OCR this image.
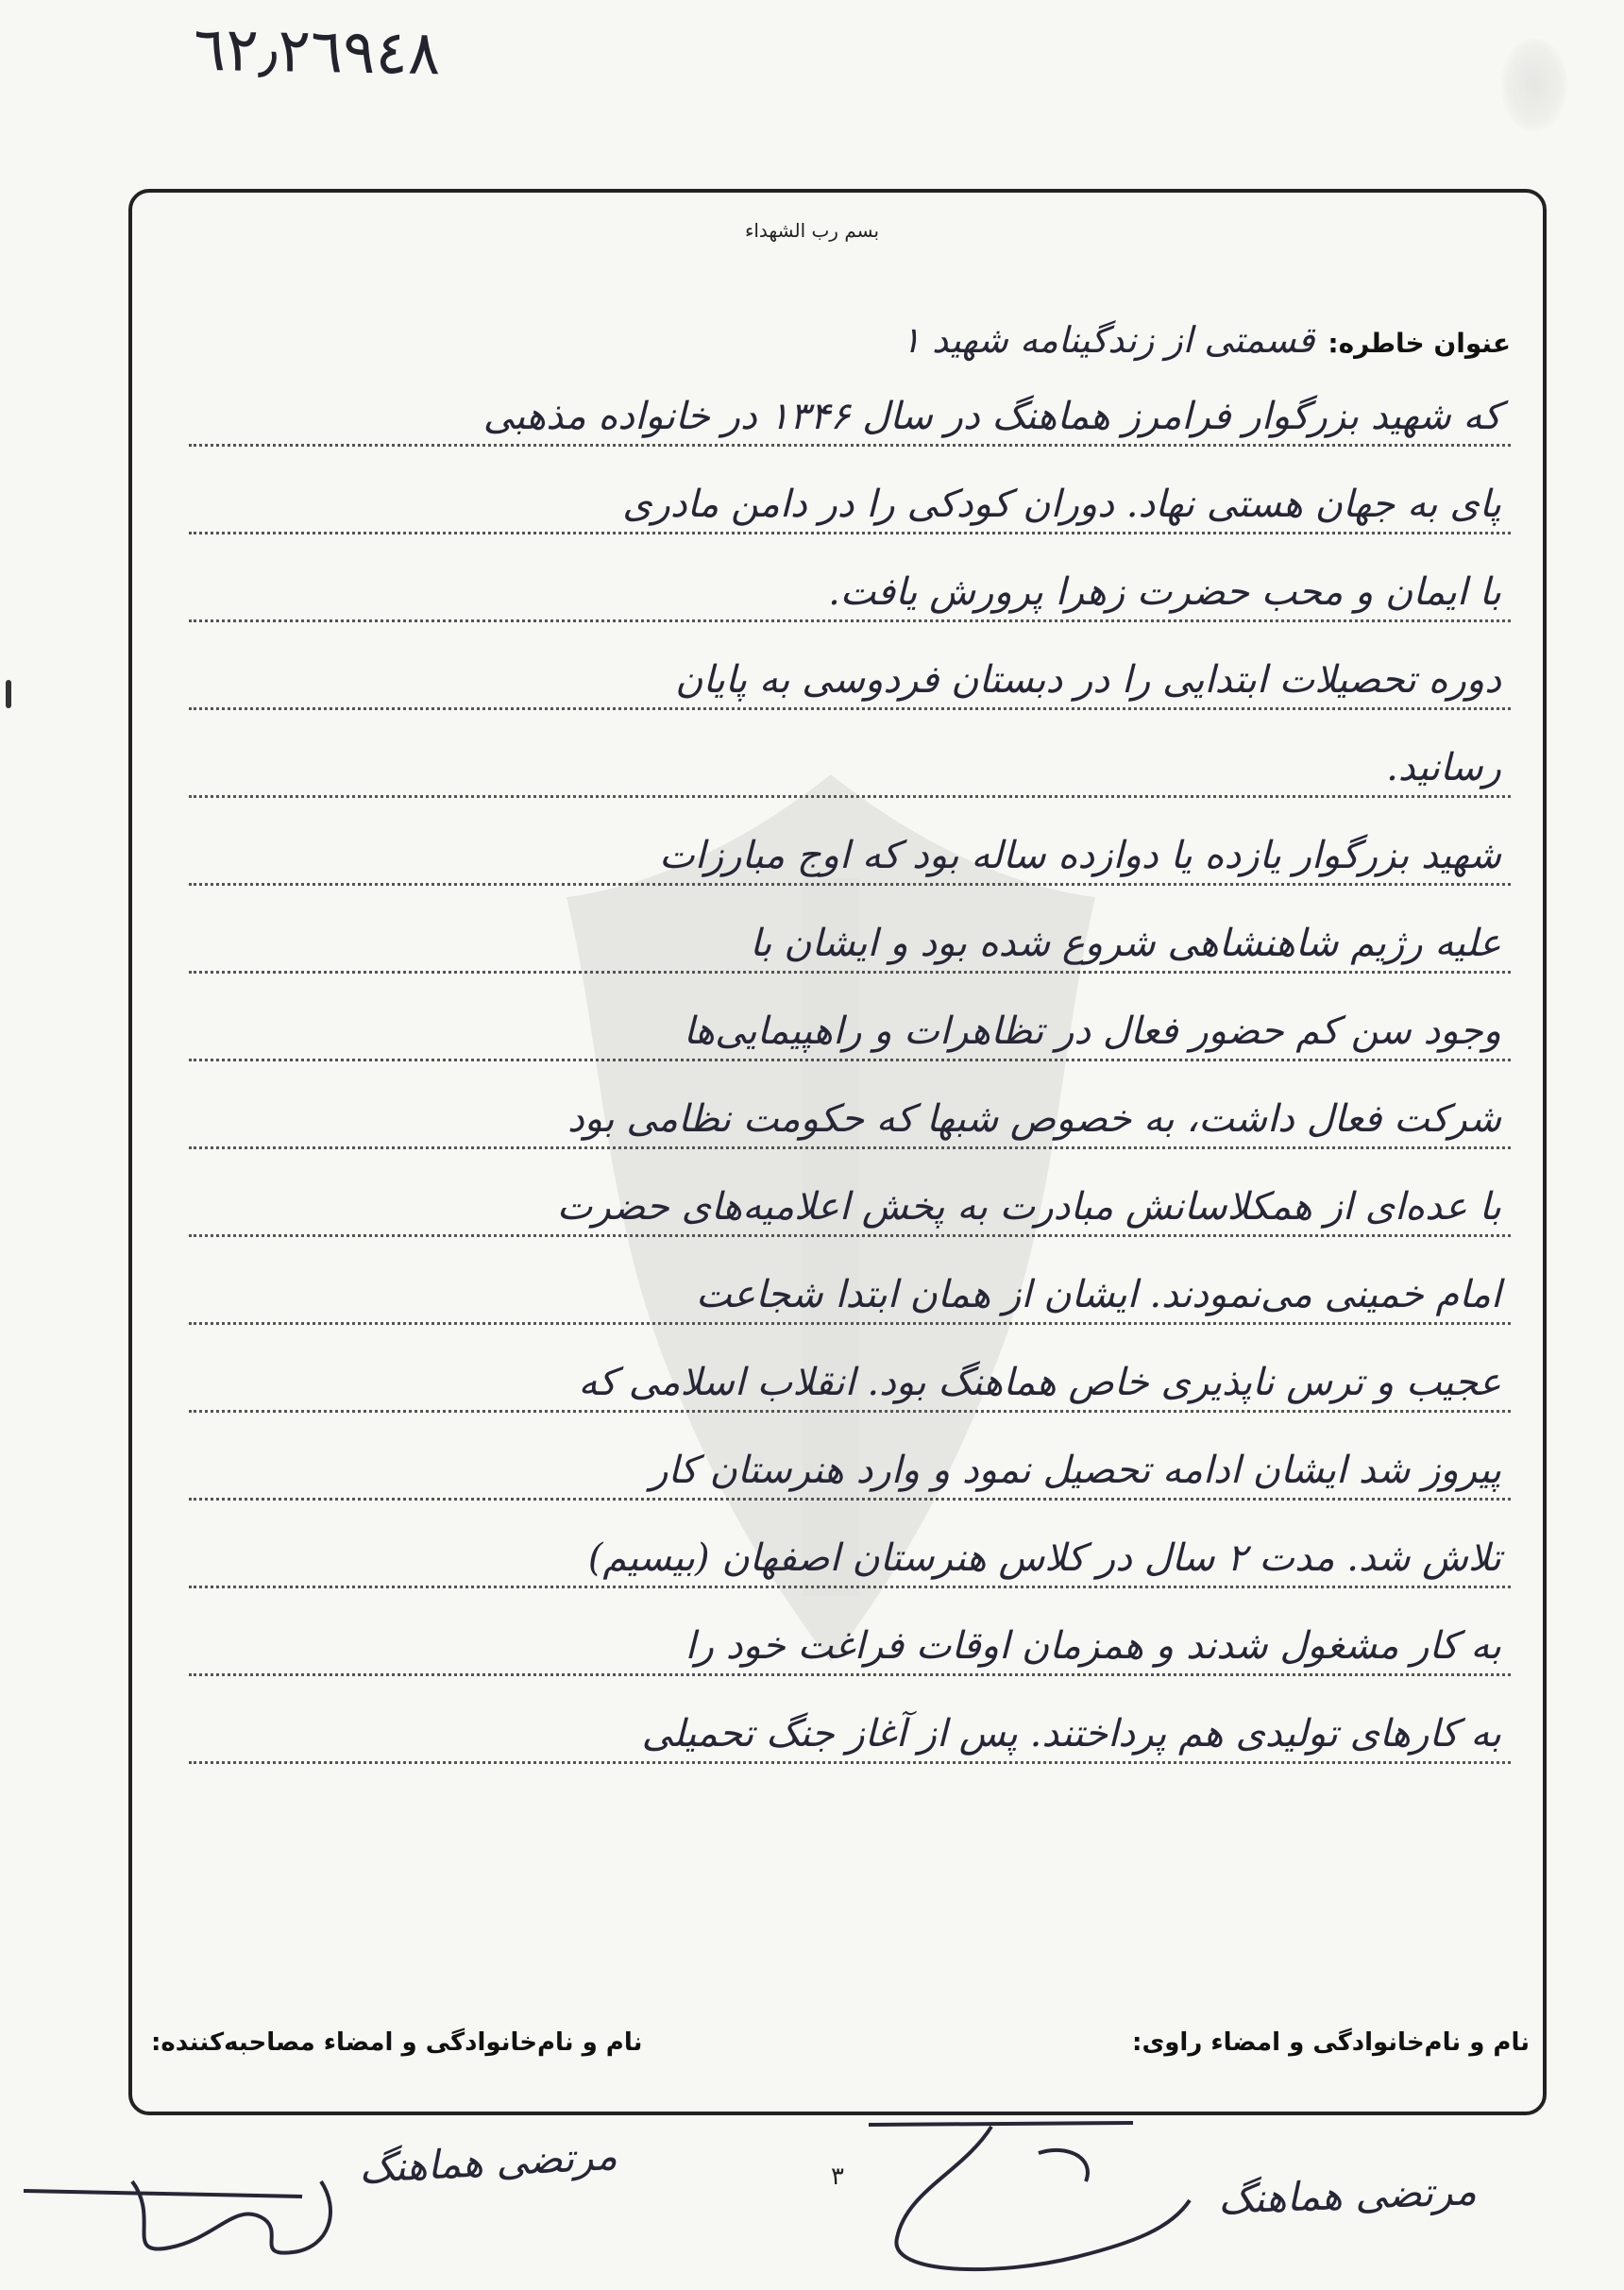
٦٢٫٢٦٩٤٨
بسم رب الشهداء
عنوان خاطره:
قسمتی از زندگینامه شهید ۱
که شهید بزرگوار فرامرز هماهنگ در سال ۱۳۴۶ در خانواده مذهبی
پای به جهان هستی نهاد. دوران کودکی را در دامن مادری
با ایمان و محب حضرت زهرا پرورش یافت.
دوره تحصیلات ابتدایی را در دبستان فردوسی به پایان
رسانید.
شهید بزرگوار یازده یا دوازده ساله بود که اوج مبارزات
علیه رژیم شاهنشاهی شروع شده بود و ایشان با
وجود سن کم حضور فعال در تظاهرات و راهپیمایی‌ها
شرکت فعال داشت، به خصوص شبها که حکومت نظامی بود
با عده‌ای از همکلاسانش مبادرت به پخش اعلامیه‌های حضرت
امام خمینی می‌نمودند. ایشان از همان ابتدا شجاعت
عجیب و ترس ناپذیری خاص هماهنگ بود. انقلاب اسلامی که
پیروز شد ایشان ادامه تحصیل نمود و وارد هنرستان کار
تلاش شد. مدت ۲ سال در کلاس هنرستان اصفهان (بیسیم)
به کار مشغول شدند و همزمان اوقات فراغت خود را
به کارهای تولیدی هم پرداختند. پس از آغاز جنگ تحمیلی
نام و نام‌خانوادگی و امضاء مصاحبه‌کننده:	نام و نام‌خانوادگی و امضاء راوی:
۳
مرتضی هماهنگ
مرتضی هماهنگ
